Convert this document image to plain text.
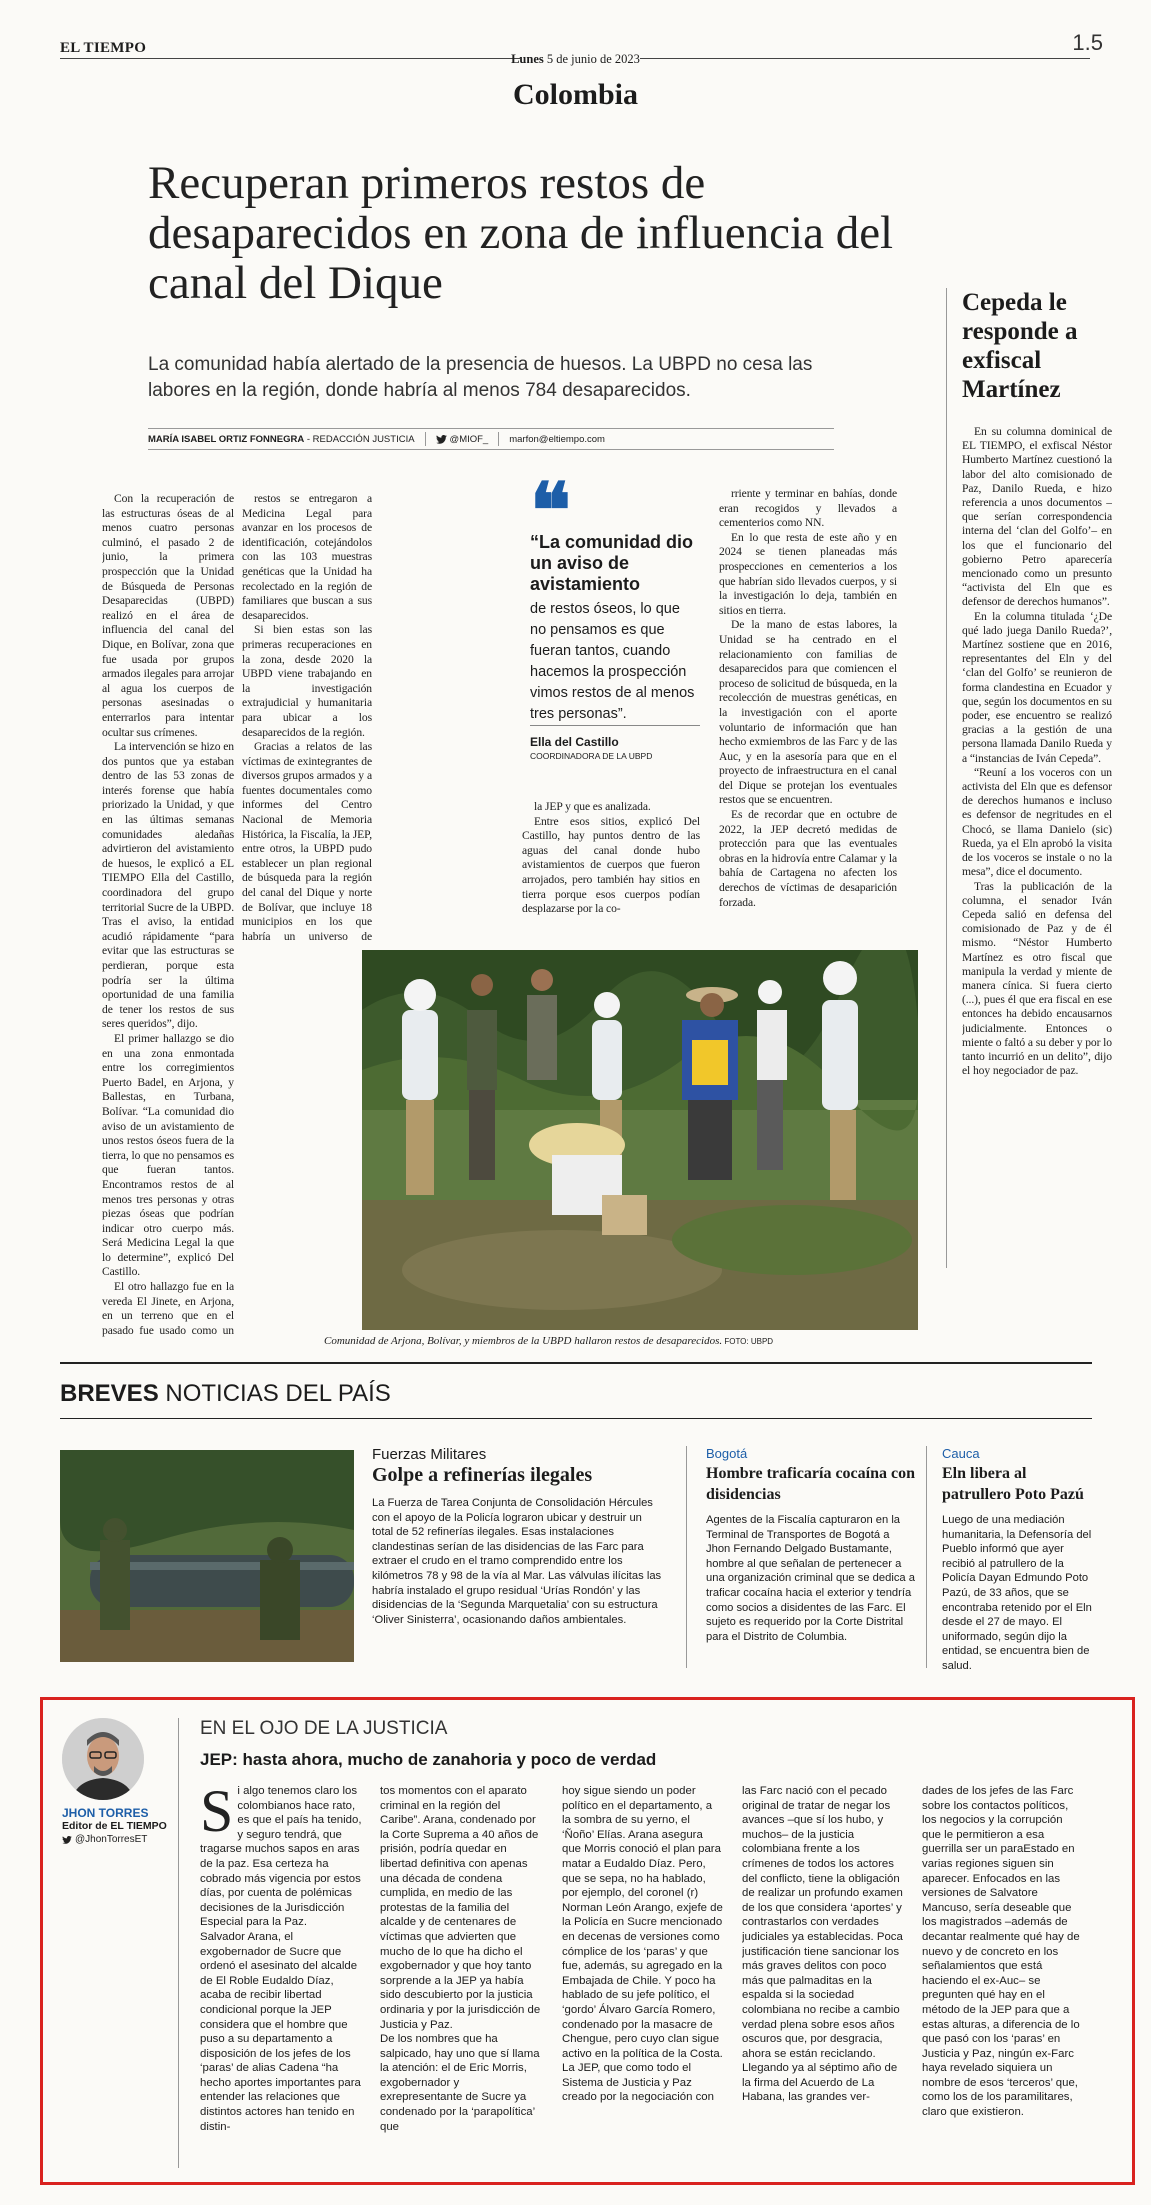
EL TIEMPO	1.5
Lunes 5 de junio de 2023
Colombia
Recuperan primeros restos de desaparecidos en zona de influencia del canal del Dique
La comunidad había alertado de la presencia de huesos. La UBPD no cesa las labores en la región, donde habría al menos 784 desaparecidos.
MARÍA ISABEL ORTIZ FONNEGRA - REDACCIÓN JUSTICIA	@MIOF_ marfon@eltiempo.com

Con la recuperación de las estructuras óseas de al menos cuatro personas culminó, el pasado 2 de junio, la primera prospección que la Unidad de Búsqueda de Personas Desaparecidas (UBPD) realizó en el área de influencia del canal del Dique, en Bolívar, zona que fue usada por grupos armados ilegales para arrojar al agua los cuerpos de personas asesinadas o enterrarlos para intentar ocultar sus crímenes.

La intervención se hizo en dos puntos que ya estaban dentro de las 53 zonas de interés forense que había priorizado la Unidad, y que en las últimas semanas comunidades aledañas advirtieron del avistamiento de huesos, le explicó a EL TIEMPO Ella del Castillo, coordinadora del grupo territorial Sucre de la UBPD. Tras el aviso, la entidad acudió rápidamente “para evitar que las estructuras se perdieran, porque esta podría ser la última oportunidad de una familia de tener los restos de sus seres queridos”, dijo.

El primer hallazgo se dio en una zona enmontada entre los corregimientos Puerto Badel, en Arjona, y Ballestas, en Turbana, Bolívar. “La comunidad dio aviso de un avistamiento de unos restos óseos fuera de la tierra, lo que no pensamos es que fueran tantos. Encontramos restos de al menos tres personas y otras piezas óseas que podrían indicar otro cuerpo más. Será Medicina Legal la que lo determine”, explicó Del Castillo.

El otro hallazgo fue en la vereda El Jinete, en Arjona, en un terreno que en el pasado fue usado como un

restos se entregaron a Medicina Legal para avanzar en los procesos de identificación, cotejándolos con las 103 muestras genéticas que la Unidad ha recolectado en la región de familiares que buscan a sus desaparecidos.

Si bien estas son las primeras recuperaciones en la zona, desde 2020 la UBPD viene trabajando en la investigación extrajudicial y humanitaria para ubicar a los desaparecidos de la región.

Gracias a relatos de las víctimas de exintegrantes de diversos grupos armados y a fuentes documentales como informes del Centro Nacional de Memoria Histórica, la Fiscalía, la JEP, entre otros, la UBPD pudo establecer un plan regional de búsqueda para la región del canal del Dique y norte de Bolívar, que incluye 18 municipios en los que habría un universo de

la JEP y que es analizada.

Entre esos sitios, explicó Del Castillo, hay puntos dentro de las aguas del canal donde hubo avistamientos de cuerpos que fueron arrojados, pero también hay sitios en tierra porque esos cuerpos podían desplazarse por la co-

rriente y terminar en bahías, donde eran recogidos y llevados a cementerios como NN.

En lo que resta de este año y en 2024 se tienen planeadas más prospecciones en cementerios a los que habrían sido llevados cuerpos, y si la investigación lo deja, también en sitios en tierra.

De la mano de estas labores, la Unidad se ha centrado en el relacionamiento con familias de desaparecidos para que comiencen el proceso de solicitud de búsqueda, en la recolección de muestras genéticas, en la investigación con el aporte voluntario de información que han hecho exmiembros de las Farc y de las Auc, y en la asesoría para que en el proyecto de infraestructura en el canal del Dique se protejan los eventuales restos que se encuentren.

Es de recordar que en octubre de 2022, la JEP decretó medidas de protección para que las eventuales obras en la hidrovía entre Calamar y la bahía de Cartagena no afecten los derechos de víctimas de desaparición forzada.

❝
“La comunidad dio un aviso de avistamiento
de restos óseos, lo que no pensamos es que fueran tantos, cuando hacemos la prospección vimos restos de al menos tres personas”.
Ella del Castillo
COORDINADORA DE LA UBPD
Comunidad de Arjona, Bolívar, y miembros de la UBPD hallaron restos de desaparecidos. FOTO: UBPD
Cepeda le responde a exfiscal Martínez

En su columna dominical de EL TIEMPO, el exfiscal Néstor Humberto Martínez cuestionó la labor del alto comisionado de Paz, Danilo Rueda, e hizo referencia a unos documentos –que serían correspondencia interna del ‘clan del Golfo’– en los que el funcionario del gobierno Petro aparecería mencionado como un presunto “activista del Eln que es defensor de derechos humanos”.

En la columna titulada ‘¿De qué lado juega Danilo Rueda?’, Martínez sostiene que en 2016, representantes del Eln y del ‘clan del Golfo’ se reunieron de forma clandestina en Ecuador y que, según los documentos en su poder, ese encuentro se realizó gracias a la gestión de una persona llamada Danilo Rueda y a “instancias de Iván Cepeda”.

“Reuní a los voceros con un activista del Eln que es defensor de derechos humanos e incluso es defensor de negritudes en el Chocó, se llama Danielo (sic) Rueda, ya el Eln aprobó la visita de los voceros se instale o no la mesa”, dice el documento.

Tras la publicación de la columna, el senador Iván Cepeda salió en defensa del comisionado de Paz y de él mismo. “Néstor Humberto Martínez es otro fiscal que manipula la verdad y miente de manera cínica. Si fuera cierto (...), pues él que era fiscal en ese entonces ha debido encausarnos judicialmente. Entonces o miente o faltó a su deber y por lo tanto incurrió en un delito”, dijo el hoy negociador de paz.

BREVES NOTICIAS DEL PAÍS
Fuerzas Militares
Golpe a refinerías ilegales
La Fuerza de Tarea Conjunta de Consolidación Hércules con el apoyo de la Policía lograron ubicar y destruir un total de 52 refinerías ilegales. Esas instalaciones clandestinas serían de las disidencias de las Farc para extraer el crudo en el tramo comprendido entre los kilómetros 78 y 98 de la vía al Mar. Las válvulas ilícitas las habría instalado el grupo residual ‘Urías Rondón’ y las disidencias de la ‘Segunda Marquetalia’ con su estructura ‘Oliver Sinisterra’, ocasionando daños ambientales.
Bogotá
Hombre traficaría cocaína con disidencias
Agentes de la Fiscalía capturaron en la Terminal de Transportes de Bogotá a Jhon Fernando Delgado Bustamante, hombre al que señalan de pertenecer a una organización criminal que se dedica a traficar cocaína hacia el exterior y tendría como socios a disidentes de las Farc. El sujeto es requerido por la Corte Distrital para el Distrito de Columbia.
Cauca
Eln libera al patrullero Poto Pazú
Luego de una mediación humanitaria, la Defensoría del Pueblo informó que ayer recibió al patrullero de la Policía Dayan Edmundo Poto Pazú, de 33 años, que se encontraba retenido por el Eln desde el 27 de mayo. El uniformado, según dijo la entidad, se encuentra bien de salud.
JHON TORRES
Editor de EL TIEMPO
@JhonTorresET
EN EL OJO DE LA JUSTICIA
JEP: hasta ahora, mucho de zanahoria y poco de verdad
Si algo tenemos claro los colombianos hace rato, es que el país ha tenido, y seguro tendrá, que tragarse muchos sapos en aras de la paz. Esa certeza ha cobrado más vigencia por estos días, por cuenta de polémicas decisiones de la Jurisdicción Especial para la Paz.

Salvador Arana, el exgobernador de Sucre que ordenó el asesinato del alcalde de El Roble Eudaldo Díaz, acaba de recibir libertad condicional porque la JEP considera que el hombre que puso a su departamento a disposición de los jefes de los ‘paras’ de alias Cadena “ha hecho aportes importantes para entender las relaciones que distintos actores han tenido en distin-

tos momentos con el aparato criminal en la región del Caribe”. Arana, condenado por la Corte Suprema a 40 años de prisión, podría quedar en libertad definitiva con apenas una década de condena cumplida, en medio de las protestas de la familia del alcalde y de centenares de víctimas que advierten que mucho de lo que ha dicho el exgobernador y que hoy tanto sorprende a la JEP ya había sido descubierto por la justicia ordinaria y por la jurisdicción de Justicia y Paz.

De los nombres que ha salpicado, hay uno que sí llama la atención: el de Eric Morris, exgobernador y exrepresentante de Sucre ya condenado por la ‘parapolítica’ que

hoy sigue siendo un poder político en el departamento, a la sombra de su yerno, el ‘Ñoño’ Elías. Arana asegura que Morris conoció el plan para matar a Eudaldo Díaz. Pero, que se sepa, no ha hablado, por ejemplo, del coronel (r) Norman León Arango, exjefe de la Policía en Sucre mencionado en decenas de versiones como cómplice de los ‘paras’ y que fue, además, su agregado en la Embajada de Chile. Y poco ha hablado de su jefe político, el ‘gordo’ Álvaro García Romero, condenado por la masacre de Chengue, pero cuyo clan sigue activo en la política de la Costa.

La JEP, que como todo el Sistema de Justicia y Paz creado por la negociación con

las Farc nació con el pecado original de tratar de negar los avances –que sí los hubo, y muchos– de la justicia colombiana frente a los crímenes de todos los actores del conflicto, tiene la obligación de realizar un profundo examen de los que considera ‘aportes’ y contrastarlos con verdades judiciales ya establecidas. Poca justificación tiene sancionar los más graves delitos con poco más que palmaditas en la espalda si la sociedad colombiana no recibe a cambio verdad plena sobre esos años oscuros que, por desgracia, ahora se están reciclando.

Llegando ya al séptimo año de la firma del Acuerdo de La Habana, las grandes ver-

dades de los jefes de las Farc sobre los contactos políticos, los negocios y la corrupción que le permitieron a esa guerrilla ser un paraEstado en varias regiones siguen sin aparecer. Enfocados en las versiones de Salvatore Mancuso, sería deseable que los magistrados –además de decantar realmente qué hay de nuevo y de concreto en los señalamientos que está haciendo el ex-Auc– se pregunten qué hay en el método de la JEP para que a estas alturas, a diferencia de lo que pasó con los ‘paras’ en Justicia y Paz, ningún ex-Farc haya revelado siquiera un nombre de esos ‘terceros’ que, como los de los paramilitares, claro que existieron.
